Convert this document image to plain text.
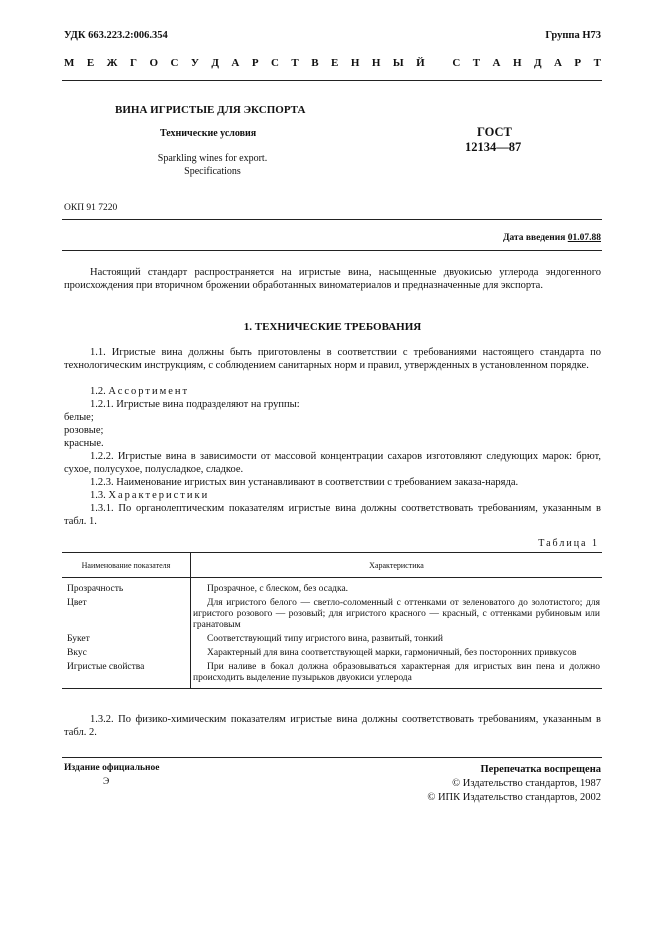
УДК 663.223.2:006.354	Группа Н73
М Е Ж Г О С У Д А Р С Т В Е Н Н Ы Й
	С Т А Н Д А Р Т
ВИНА ИГРИСТЫЕ ДЛЯ ЭКСПОРТА
Технические условия
Sparkling wines for export.
Specifications
ГОСТ
12134—87
ОКП 91 7220
Дата введения 01.07.88
Настоящий стандарт распространяется на игристые вина, насыщенные двуокисью углерода эндогенного происхождения при вторичном брожении обработанных виноматериалов и предназначенные для экспорта.
1. ТЕХНИЧЕСКИЕ ТРЕБОВАНИЯ
1.1. Игристые вина должны быть приготовлены в соответствии с требованиями настоящего стандарта по технологическим инструкциям, с соблюдением санитарных норм и правил, утвержденных в установленном порядке.
1.2. Ассортимент
1.2.1. Игристые вина подразделяют на группы:
белые;
розовые;
красные.
1.2.2. Игристые вина в зависимости от массовой концентрации сахаров изготовляют следующих марок: брют, сухое, полусухое, полусладкое, сладкое.
1.2.3. Наименование игристых вин устанавливают в соответствии с требованием заказа-наряда.
1.3. Характеристики
1.3.1. По органолептическим показателям игристые вина должны соответствовать требованиям, указанным в табл. 1.
Таблица 1
Наименование показателя	Характеристика
Прозрачность	Прозрачное, с блеском, без осадка.

Цвет	Для игристого белого — светло-соломенный с оттенками от зеленоватого до золотистого; для игристого розового — розовый; для игристого красного — красный, с оттенками рубиновым или гранатовым

Букет	Соответствующий типу игристого вина, развитый, тонкий

Вкус	Характерный для вина соответствующей марки, гармоничный, без посторонних привкусов

Игристые свойства	При наливе в бокал должна образовываться характерная для игристых вин пена и должно происходить выделение пузырьков двуокиси углерода
1.3.2. По физико-химическим показателям игристые вина должны соответствовать требованиям, указанным в табл. 2.
Издание официальное
Э
Перепечатка воспрещена
© Издательство стандартов, 1987
© ИПК Издательство стандартов, 2002
